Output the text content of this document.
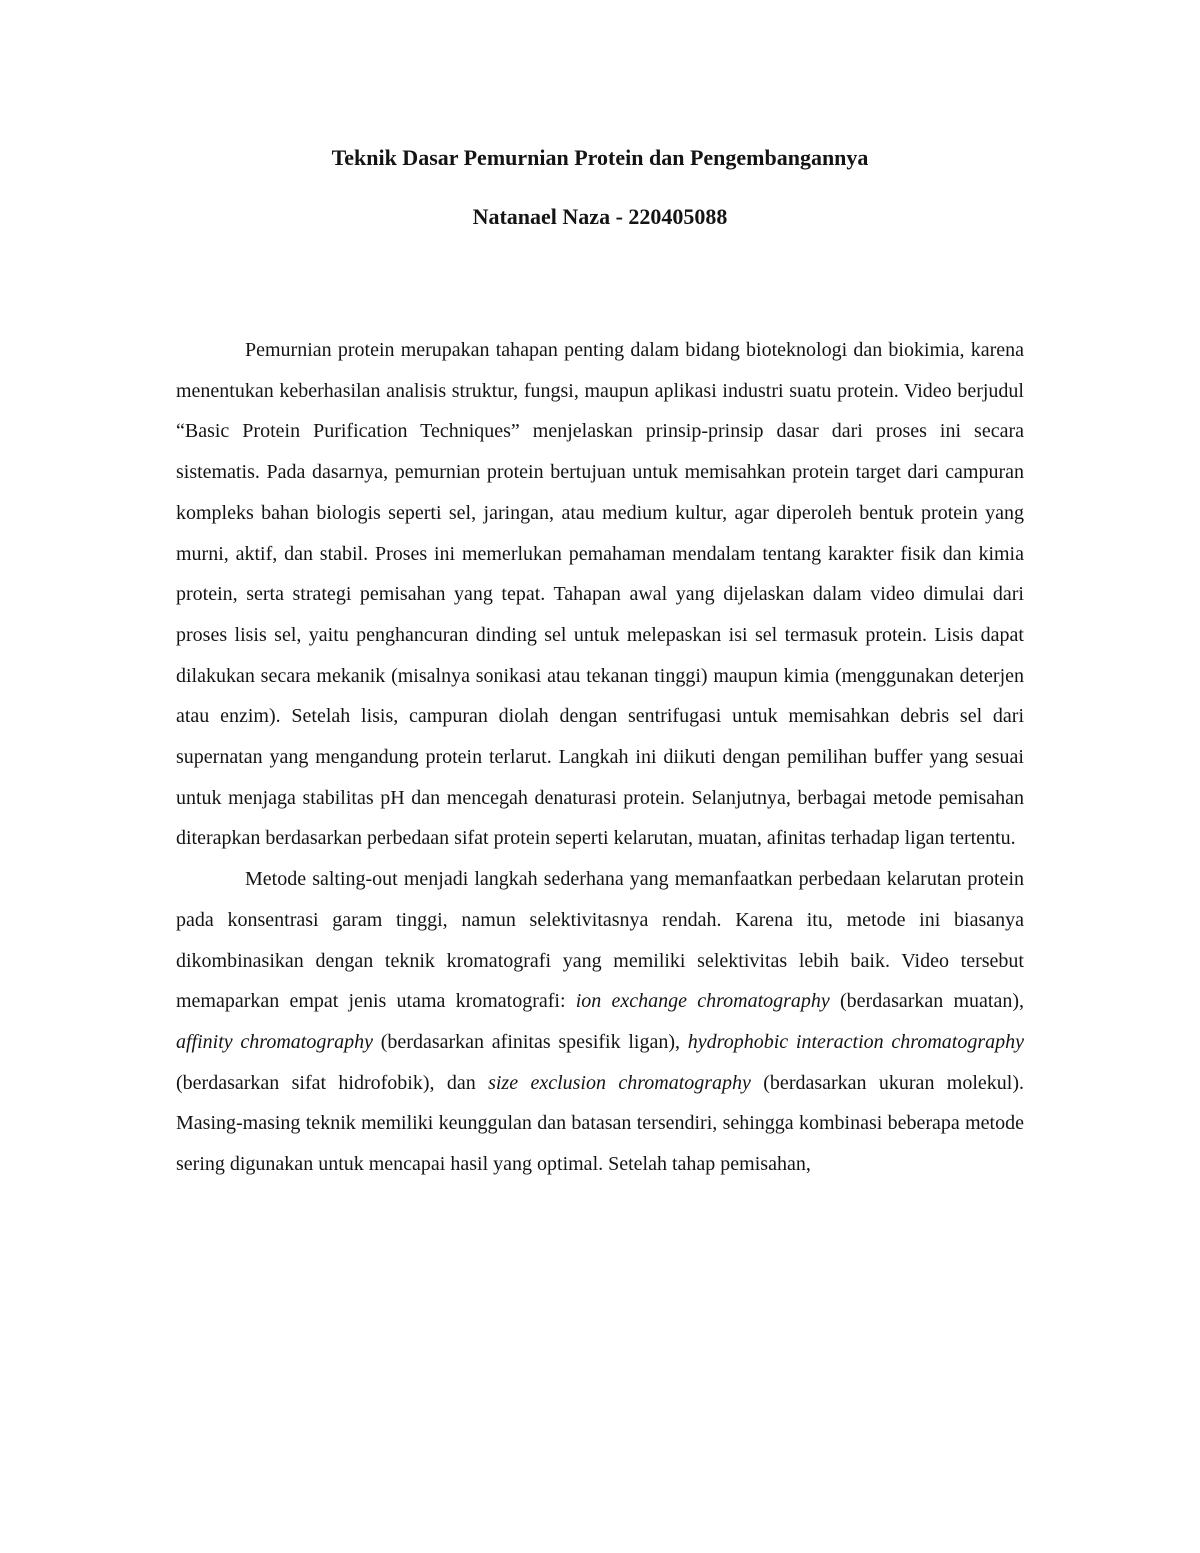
Teknik Dasar Pemurnian Protein dan Pengembangannya
Natanael Naza - 220405088

Pemurnian protein merupakan tahapan penting dalam bidang bioteknologi dan biokimia, karena menentukan keberhasilan analisis struktur, fungsi, maupun aplikasi industri suatu protein. Video berjudul “Basic Protein Purification Techniques” menjelaskan prinsip-prinsip dasar dari proses ini secara sistematis. Pada dasarnya, pemurnian protein bertujuan untuk memisahkan protein target dari campuran kompleks bahan biologis seperti sel, jaringan, atau medium kultur, agar diperoleh bentuk protein yang murni, aktif, dan stabil. Proses ini memerlukan pemahaman mendalam tentang karakter fisik dan kimia protein, serta strategi pemisahan yang tepat. Tahapan awal yang dijelaskan dalam video dimulai dari proses lisis sel, yaitu penghancuran dinding sel untuk melepaskan isi sel termasuk protein. Lisis dapat dilakukan secara mekanik (misalnya sonikasi atau tekanan tinggi) maupun kimia (menggunakan deterjen atau enzim). Setelah lisis, campuran diolah dengan sentrifugasi untuk memisahkan debris sel dari supernatan yang mengandung protein terlarut. Langkah ini diikuti dengan pemilihan buffer yang sesuai untuk menjaga stabilitas pH dan mencegah denaturasi protein. Selanjutnya, berbagai metode pemisahan diterapkan berdasarkan perbedaan sifat protein seperti kelarutan, muatan, afinitas terhadap ligan tertentu.

Metode salting-out menjadi langkah sederhana yang memanfaatkan perbedaan kelarutan protein pada konsentrasi garam tinggi, namun selektivitasnya rendah. Karena itu, metode ini biasanya dikombinasikan dengan teknik kromatografi yang memiliki selektivitas lebih baik. Video tersebut memaparkan empat jenis utama kromatografi: ion exchange chromatography (berdasarkan muatan), affinity chromatography (berdasarkan afinitas spesifik ligan), hydrophobic interaction chromatography (berdasarkan sifat hidrofobik), dan size exclusion chromatography (berdasarkan ukuran molekul). Masing-masing teknik memiliki keunggulan dan batasan tersendiri, sehingga kombinasi beberapa metode sering digunakan untuk mencapai hasil yang optimal. Setelah tahap pemisahan,
